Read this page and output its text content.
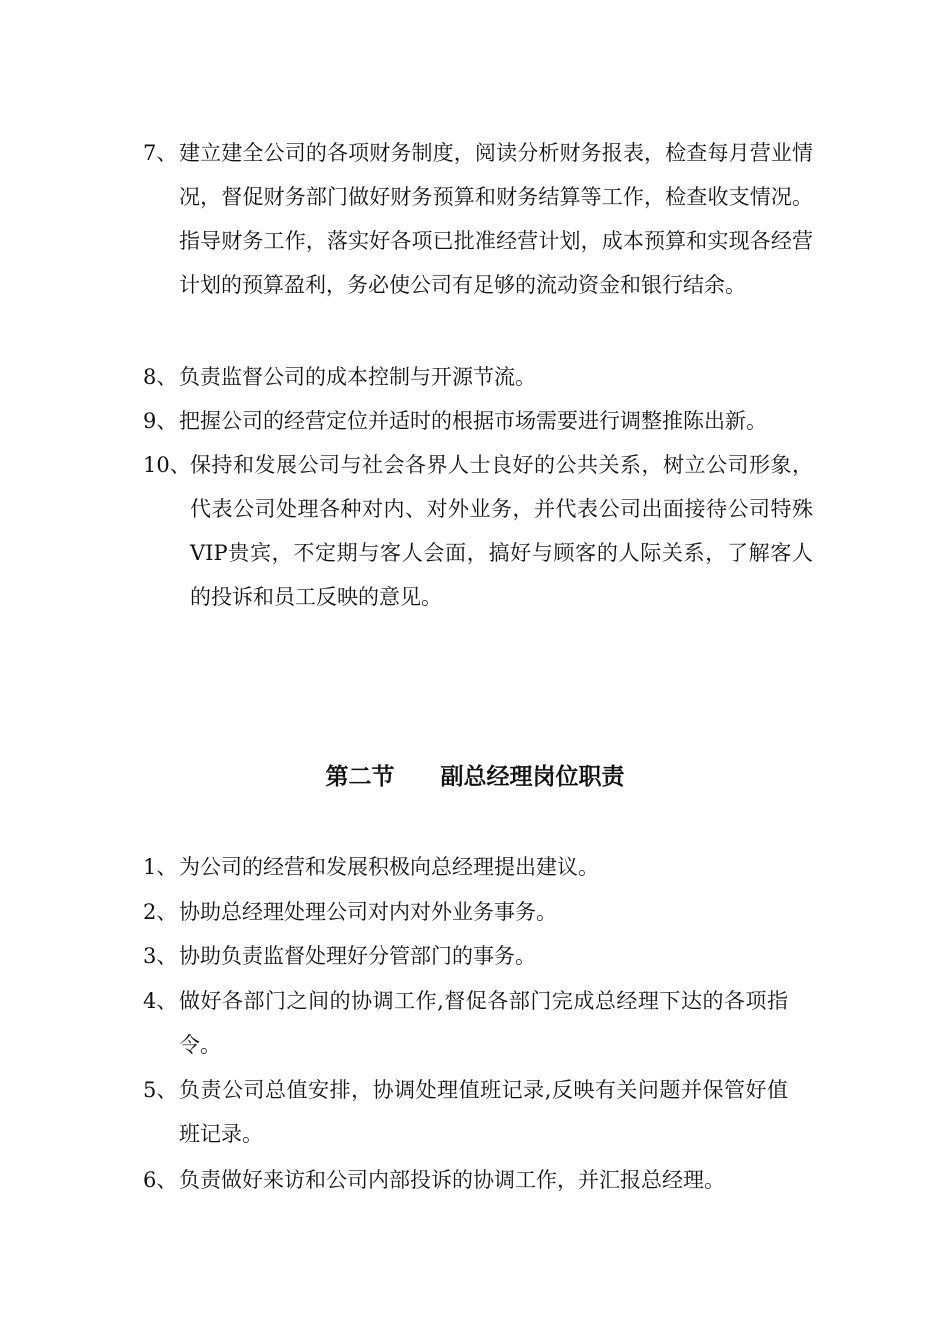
7、 建立建全公司的各项财务制度，阅读分析财务报表，检查每月营业情况，督促财务部门做好财务预算和财务结算等工作，检查收支情况。指导财务工作，落实好各项已批准经营计划，成本预算和实现各经营计划的预算盈利，务必使公司有足够的流动资金和银行结余。
8、 负责监督公司的成本控制与开源节流。
9、 把握公司的经营定位并适时的根据市场需要进行调整推陈出新。
10、 保持和发展公司与社会各界人士良好的公共关系，树立公司形象，代表公司处理各种对内、对外业务，并代表公司出面接待公司特殊VIP贵宾，不定期与客人会面，搞好与顾客的人际关系，了解客人的投诉和员工反映的意见。
第二节　　副总经理岗位职责
1、 为公司的经营和发展积极向总经理提出建议。
2、 协助总经理处理公司对内对外业务事务。
3、 协助负责监督处理好分管部门的事务。
4、 做好各部门之间的协调工作,督促各部门完成总经理下达的各项指令。
5、 负责公司总值安排，协调处理值班记录,反映有关问题并保管好值班记录。
6、 负责做好来访和公司内部投诉的协调工作，并汇报总经理。
